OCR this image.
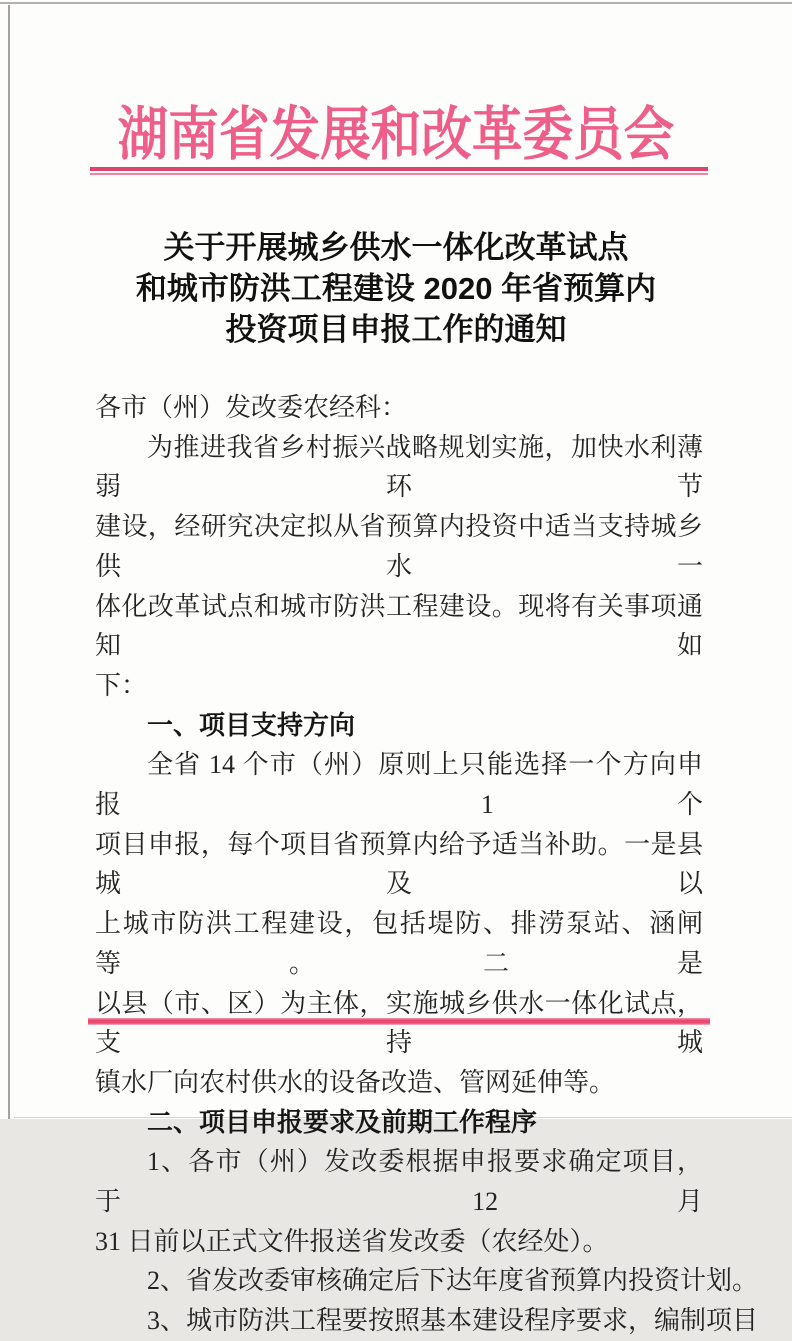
湖南省发展和改革委员会
关于开展城乡供水一体化改革试点
和城市防洪工程建设 2020 年省预算内
投资项目申报工作的通知
各市（州）发改委农经科：
为推进我省乡村振兴战略规划实施，加快水利薄弱环节
建设，经研究决定拟从省预算内投资中适当支持城乡供水一
体化改革试点和城市防洪工程建设。现将有关事项通知如
下：
一、项目支持方向
全省 14 个市（州）原则上只能选择一个方向申报 1 个
项目申报，每个项目省预算内给予适当补助。一是县城及以
上城市防洪工程建设，包括堤防、排涝泵站、涵闸等。二是
以县（市、区）为主体，实施城乡供水一体化试点，支持城
镇水厂向农村供水的设备改造、管网延伸等。
二、项目申报要求及前期工作程序
1、各市（州）发改委根据申报要求确定项目，于 12 月
31 日前以正式文件报送省发改委（农经处）。
2、省发改委审核确定后下达年度省预算内投资计划。
3、城市防洪工程要按照基本建设程序要求，编制项目
